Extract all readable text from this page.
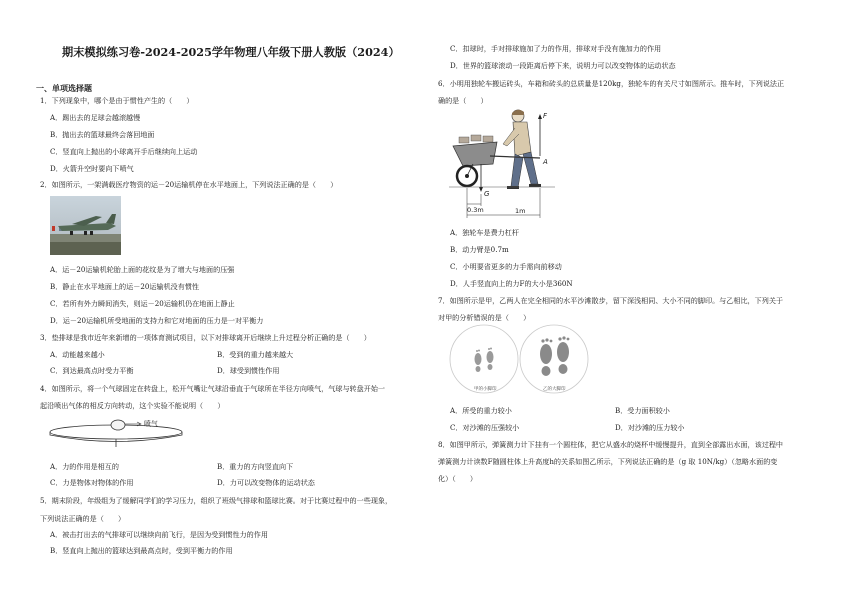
期末模拟练习卷-2024-2025学年物理八年级下册人教版（2024）
一、单项选择题
1．下列现象中，哪个是由于惯性产生的（　　）
A．踢出去的足球会越滚越慢
B．抛出去的篮球最终会落回地面
C．竖直向上抛出的小球离开手后继续向上运动
D．火箭升空时要向下喷气
2．如图所示，一架满载医疗物资的运－20运输机停在水平地面上，下列说法正确的是（　　）
A．运－20运输机轮胎上面的花纹是为了增大与地面的压强
B．静止在水平地面上的运－20运输机没有惯性
C．若所有外力瞬间消失，则运－20运输机仍在地面上静止
D．运－20运输机所受地面的支持力和它对地面的压力是一对平衡力
3．垫排球是我市近年来新增的一项体育测试项目，以下对排球离开后继续上升过程分析正确的是（　　）
A．动能越来越小	B．受到的重力越来越大
C．到达最高点时受力平衡	D．球受到惯性作用
4．如图所示，将一个气球固定在转盘上，松开气嘴让气球沿垂直于气球所在半径方向喷气，气球与转盘开始一
起沿喷出气体的相反方向转动，这个实验不能说明（　　）
喷气
A．力的作用是相互的	B．重力的方向竖直向下
C．力是物体对物体的作用	D．力可以改变物体的运动状态
5．期末阶段，年级组为了缓解同学们的学习压力，组织了班级气排球和篮球比赛。对于比赛过程中的一些现象，
下列说法正确的是（　　）
A．被击打出去的气排球可以继续向前飞行，是因为受到惯性力的作用
B．竖直向上抛出的篮球达到最高点时，受到平衡力的作用
C．扣球时，手对排球施加了力的作用，排球对手没有施加力的作用
D．世界的篮球滚动一段距离后停下来，说明力可以改变物体的运动状态
6．小明用独轮车搬运砖头，车箱和砖头的总质量是120kg，独轮车的有关尺寸如图所示。推车时，下列说法正
确的是（　　）
F
G
A
0.3m	1m
A．独轮车是费力杠杆
B．动力臂是0.7m
C．小明要省更多的力手需向前移动
D．人手竖直向上的力F的大小是360N
7．如图所示是甲，乙两人在完全相同的水平沙滩散步，留下深浅相同、大小不同的脚印。与乙相比，下列关于
对甲的分析错误的是（　　）
甲的小脚印	乙的大脚印
A．所受的重力较小	B．受力面积较小
C．对沙滩的压强较小	D．对沙滩的压力较小
8．如图甲所示，弹簧测力计下挂有一个圆柱体，把它从盛水的烧杯中缓慢提升，直到全部露出水面，该过程中
弹簧测力计读数F随圆柱体上升高度h的关系如图乙所示，下列说法正确的是（g 取 10N/kg）（忽略水面的变
化）（　　）
